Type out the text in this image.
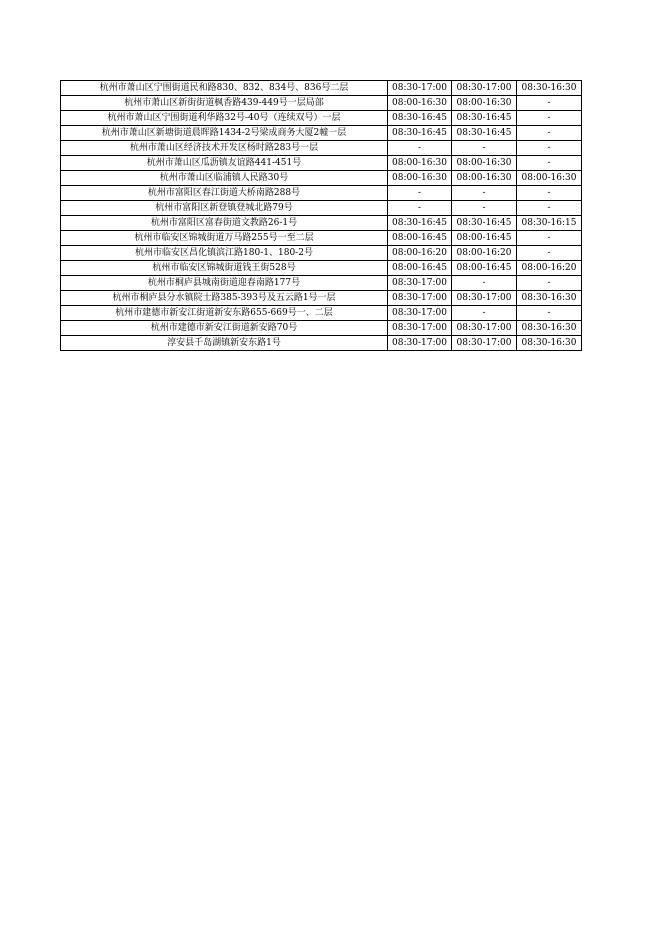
杭州市萧山区宁围街道民和路830、832、834号、836号二层	08:30-17:00	08:30-17:00	08:30-16:30
杭州市萧山区新街街道枫香路439-449号一层局部	08:00-16:30	08:00-16:30	-
杭州市萧山区宁围街道利华路32号-40号（连续双号）一层	08:30-16:45	08:30-16:45	-
杭州市萧山区新塘街道晨晖路1434-2号梁成商务大厦2幢一层	08:30-16:45	08:30-16:45	-
杭州市萧山区经济技术开发区杨时路283号一层	-	-	-
杭州市萧山区瓜沥镇友谊路441-451号	08:00-16:30	08:00-16:30	-
杭州市萧山区临浦镇人民路30号	08:00-16:30	08:00-16:30	08:00-16:30
杭州市富阳区春江街道大桥南路288号	-	-	-
杭州市富阳区新登镇登城北路79号	-	-	-
杭州市富阳区富春街道文教路26-1号	08:30-16:45	08:30-16:45	08:30-16:15
杭州市临安区锦城街道万马路255号一至二层	08:00-16:45	08:00-16:45	-
杭州市临安区昌化镇滨江路180-1、180-2号	08:00-16:20	08:00-16:20	-
杭州市临安区锦城街道钱王街528号	08:00-16:45	08:00-16:45	08:00-16:20
杭州市桐庐县城南街道迎春南路177号	08:30-17:00	-	-
杭州市桐庐县分水镇院士路385-393号及五云路1号一层	08:30-17:00	08:30-17:00	08:30-16:30
杭州市建德市新安江街道新安东路655-669号一、二层	08:30-17:00	-	-
杭州市建德市新安江街道新安路70号	08:30-17:00	08:30-17:00	08:30-16:30
淳安县千岛湖镇新安东路1号	08:30-17:00	08:30-17:00	08:30-16:30
